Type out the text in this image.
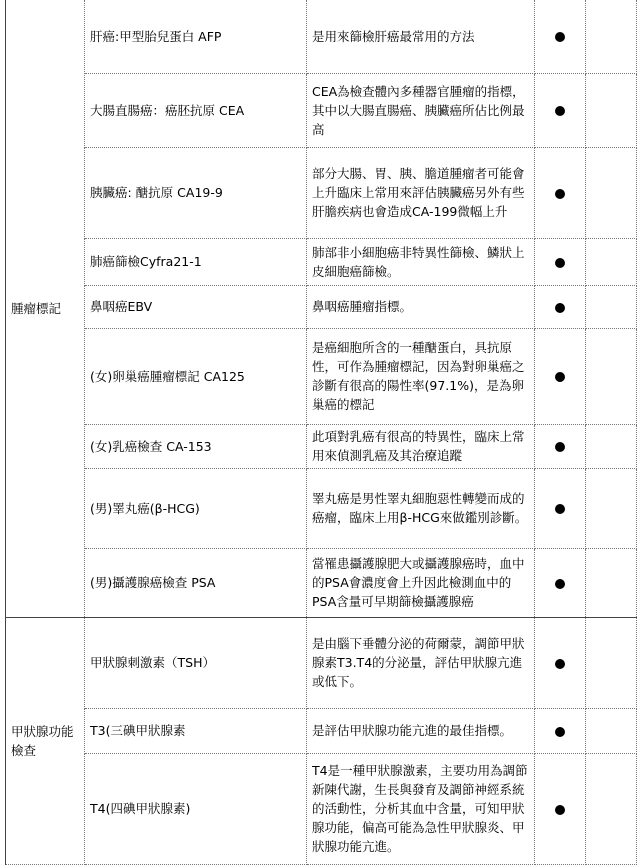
腫瘤標記	肝癌:甲型胎兒蛋白 AFP	是用來篩檢肝癌最常用的方法		

	大腸直腸癌：癌胚抗原 CEA	CEA為檢查體內多種器官腫瘤的指標，其中以大腸直腸癌、胰臟癌所佔比例最高		

	胰臟癌: 醣抗原 CA19-9	部分大腸、胃、胰、膽道腫瘤者可能會上升臨床上常用來評估胰臟癌另外有些肝膽疾病也會造成CA-199微幅上升		

	肺癌篩檢Cyfra21-1	肺部非小細胞癌非特異性篩檢、鱗狀上皮細胞癌篩檢。		

	鼻咽癌EBV	鼻咽癌腫瘤指標。		

	(女)卵巢癌腫瘤標記 CA125	是癌細胞所含的一種醣蛋白，具抗原性，可作為腫瘤標記，因為對卵巢癌之診斷有很高的陽性率(97.1%)，是為卵巢癌的標記		

	(女)乳癌檢查 CA-153	此項對乳癌有很高的特異性，臨床上常用來偵測乳癌及其治療追蹤		

	(男)睪丸癌(β-HCG)	睪丸癌是男性睪丸細胞惡性轉變而成的癌瘤，臨床上用β-HCG來做鑑別診斷。		

	(男)攝護腺癌檢查 PSA	當罹患攝護腺肥大或攝護腺癌時，血中的PSA會濃度會上升因此檢測血中的PSA含量可早期篩檢攝護腺癌		

甲狀腺功能檢查	甲狀腺刺激素（TSH）	是由腦下垂體分泌的荷爾蒙，調節甲狀腺素T3.T4的分泌量，評估甲狀腺亢進或低下。		

	T3(三碘甲狀腺素	是評估甲狀腺功能亢進的最佳指標。		

	T4(四碘甲狀腺素)	T4是一種甲狀腺激素，主要功用為調節新陳代謝，生長與發育及調節神經系統的活動性，分析其血中含量，可知甲狀腺功能，偏高可能為急性甲狀腺炎、甲狀腺功能亢進。		
